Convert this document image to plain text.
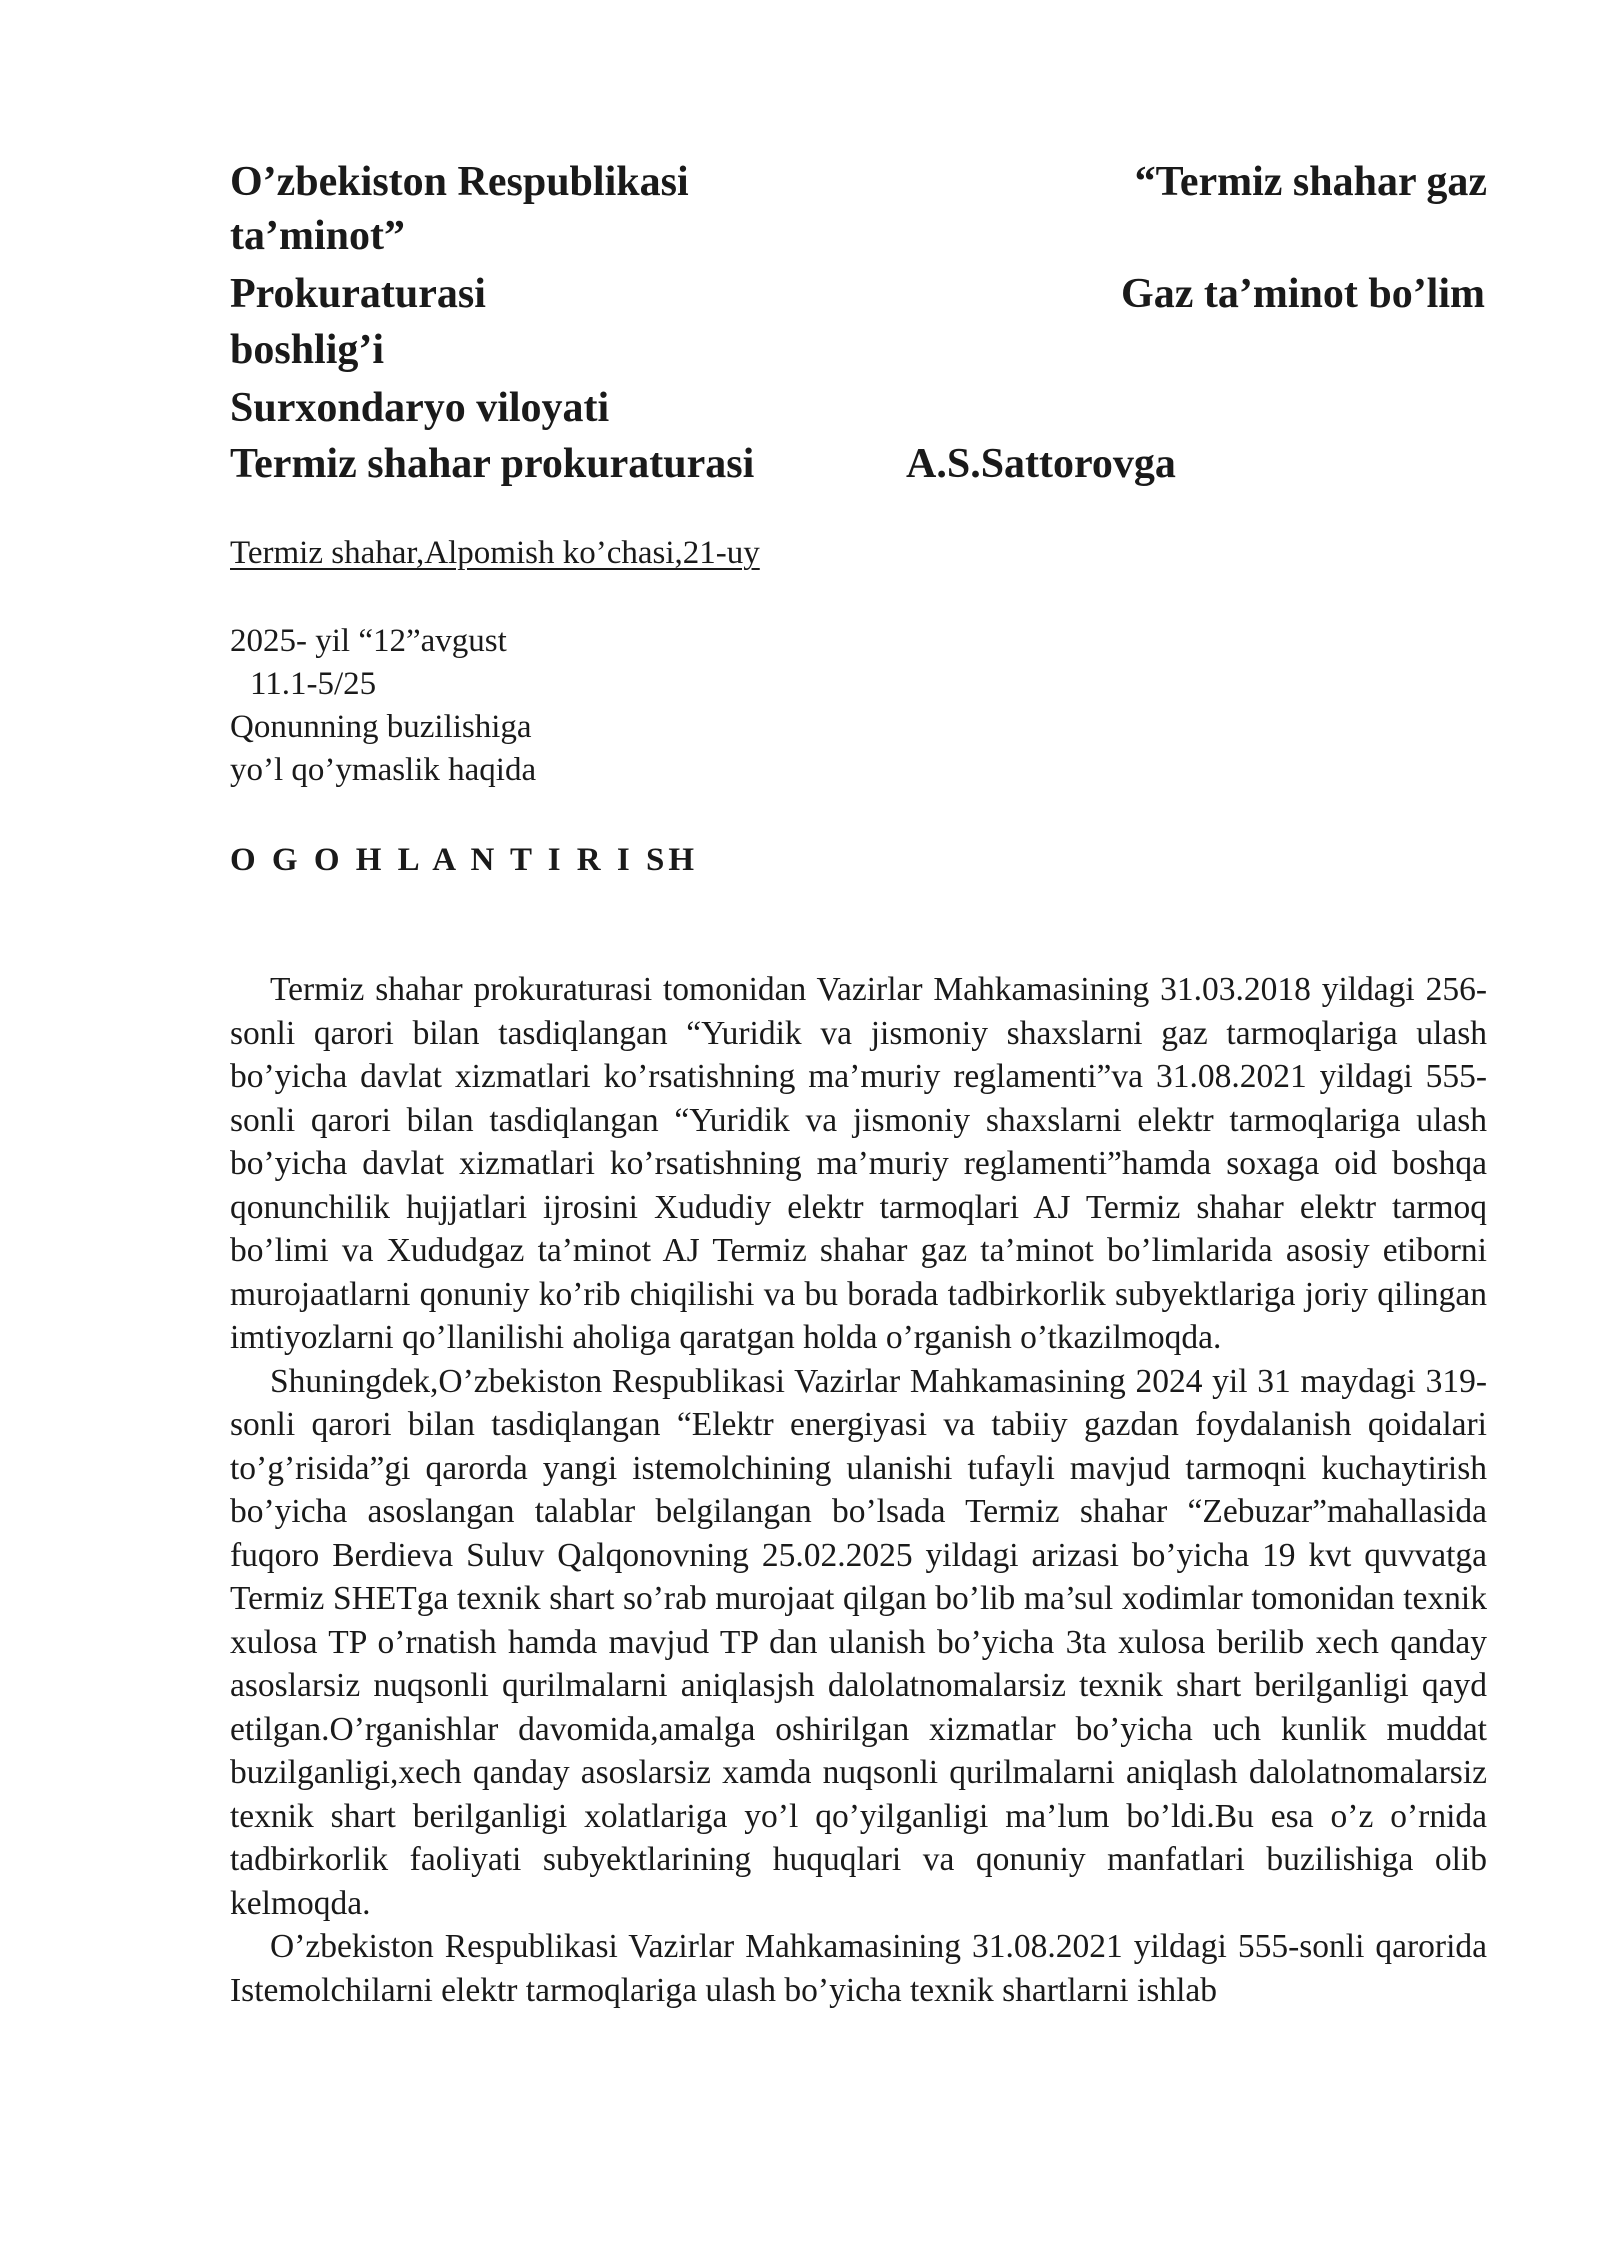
O’zbekiston Respublikasi	“Termiz shahar gaz
ta’minot”
Prokuraturasi	Gaz ta’minot bo’lim
boshlig’i
Surxondaryo viloyati
Termiz shahar prokuraturasi	A.S.Sattorovga
Termiz shahar,Alpomish ko’chasi,21-uy
2025- yil “12”avgust
11.1-5/25
Qonunning buzilishiga
yo’l qo’ymaslik haqida
O G O H L A N T I R I SH

Termiz shahar prokuraturasi tomonidan Vazirlar Mahkamasining 31.03.2018 yildagi 256-sonli qarori bilan tasdiqlangan “Yuridik va jismoniy shaxslarni gaz tarmoqlariga ulash bo’yicha davlat xizmatlari ko’rsatishning ma’muriy reglamenti”va 31.08.2021 yildagi 555-sonli qarori bilan tasdiqlangan “Yuridik va jismoniy shaxslarni elektr tarmoqlariga ulash bo’yicha davlat xizmatlari ko’rsatishning ma’muriy reglamenti”hamda soxaga oid boshqa qonunchilik hujjatlari ijrosini Xududiy elektr tarmoqlari AJ Termiz shahar elektr tarmoq bo’limi va Xududgaz ta’minot AJ Termiz shahar gaz ta’minot bo’limlarida asosiy etiborni murojaatlarni qonuniy ko’rib chiqilishi va bu borada tadbirkorlik subyektlariga joriy qilingan imtiyozlarni qo’llanilishi aholiga qaratgan holda o’rganish o’tkazilmoqda.

Shuningdek,O’zbekiston Respublikasi Vazirlar Mahkamasining 2024 yil 31 maydagi 319-sonli qarori bilan tasdiqlangan “Elektr energiyasi va tabiiy gazdan foydalanish qoidalari to’g’risida”gi qarorda yangi istemolchining ulanishi tufayli mavjud tarmoqni kuchaytirish bo’yicha asoslangan talablar belgilangan bo’lsada Termiz shahar “Zebuzar”mahallasida fuqoro Berdieva Suluv Qalqonovning 25.02.2025 yildagi arizasi bo’yicha 19 kvt quvvatga Termiz SHETga texnik shart so’rab murojaat qilgan bo’lib ma’sul xodimlar tomonidan texnik xulosa TP o’rnatish hamda mavjud TP dan ulanish bo’yicha 3ta xulosa berilib xech qanday asoslarsiz nuqsonli qurilmalarni aniqlasjsh dalolatnomalarsiz texnik shart berilganligi qayd etilgan.O’rganishlar davomida,amalga oshirilgan xizmatlar bo’yicha uch kunlik muddat buzilganligi,xech qanday asoslarsiz xamda nuqsonli qurilmalarni aniqlash dalolatnomalarsiz texnik shart berilganligi xolatlariga yo’l qo’yilganligi ma’lum bo’ldi.Bu esa o’z o’rnida tadbirkorlik faoliyati subyektlarining huquqlari va qonuniy manfatlari buzilishiga olib kelmoqda.

O’zbekiston Respublikasi Vazirlar Mahkamasining 31.08.2021 yildagi 555-sonli qarorida Istemolchilarni elektr tarmoqlariga ulash bo’yicha texnik shartlarni ishlab
